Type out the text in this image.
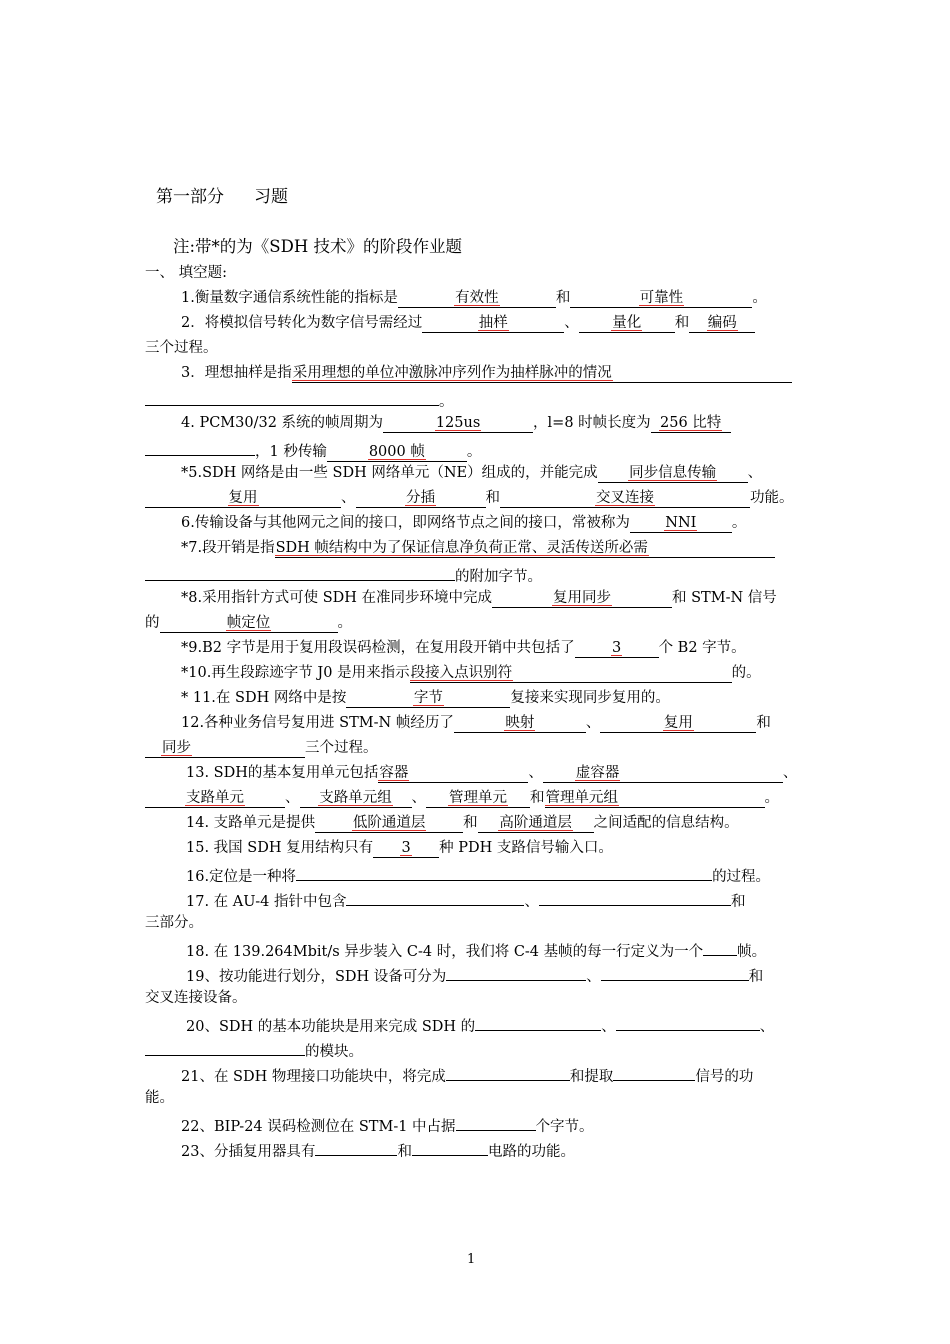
第一部分 习题
注:带*的为《SDH 技术》的阶段作业题
一、 填空题:
1.衡量数字通信系统性能的指标是	有效性	和	可靠性	。
2．将模拟信号转化为数字信号需经过	抽样	、 量化 和 编码
三个过程。
3．理想抽样是指采用理想的单位冲激脉冲序列作为抽样脉冲的情况
。
4. PCM30/32 系统的帧周期为	125us	，l=8 时帧长度为 256 比特
，1 秒传输	8000 帧	。
*5.SDH 网络是由一些 SDH 网络单元（NE）组成的，并能完成 同步信息传输 、
复用	、	分插	和	交叉连接	功能。
6.传输设备与其他网元之间的接口，即网络节点之间的接口，常被称为 NNI 。
*7.段开销是指SDH 帧结构中为了保证信息净负荷正常、灵活传送所必需
的附加字节。
*8.采用指针方式可使 SDH 在准同步环境中完成	复用同步	和 STM-N 信号
的	帧定位	。
*9.B2 字节是用于复用段误码检测，在复用段开销中共包括了	3	个 B2 字节。
*10.再生段踪迹字节 J0 是用来指示段接入点识别符	的。
* 11.在 SDH 网络中是按	字节	复接来实现同步复用的。
12.各种业务信号复用进 STM-N 帧经历了	映射	、	复用	和
同步	三个过程。
13. SDH的基本复用单元包括容器	、 虚容器	、
支路单元	、 支路单元组 、 管理单元 和管理单元组	。
14. 支路单元是提供	低阶通道层	和 高阶通道层 之间适配的信息结构。
15. 我国 SDH 复用结构只有 3 种 PDH 支路信号输入口。
16.定位是一种将	的过程。
17. 在 AU-4 指针中包含	、	和
三部分。
18. 在 139.264Mbit/s 异步装入 C-4 时，我们将 C-4 基帧的每一行定义为一个 帧。
19、按功能进行划分，SDH 设备可分为	、	和
交叉连接设备。
20、SDH 的基本功能块是用来完成 SDH 的	、	、
的模块。
21、在 SDH 物理接口功能块中，将完成	和提取	信号的功
能。
22、BIP-24 误码检测位在 STM-1 中占据	个字节。
23、分插复用器具有	和	电路的功能。
1
